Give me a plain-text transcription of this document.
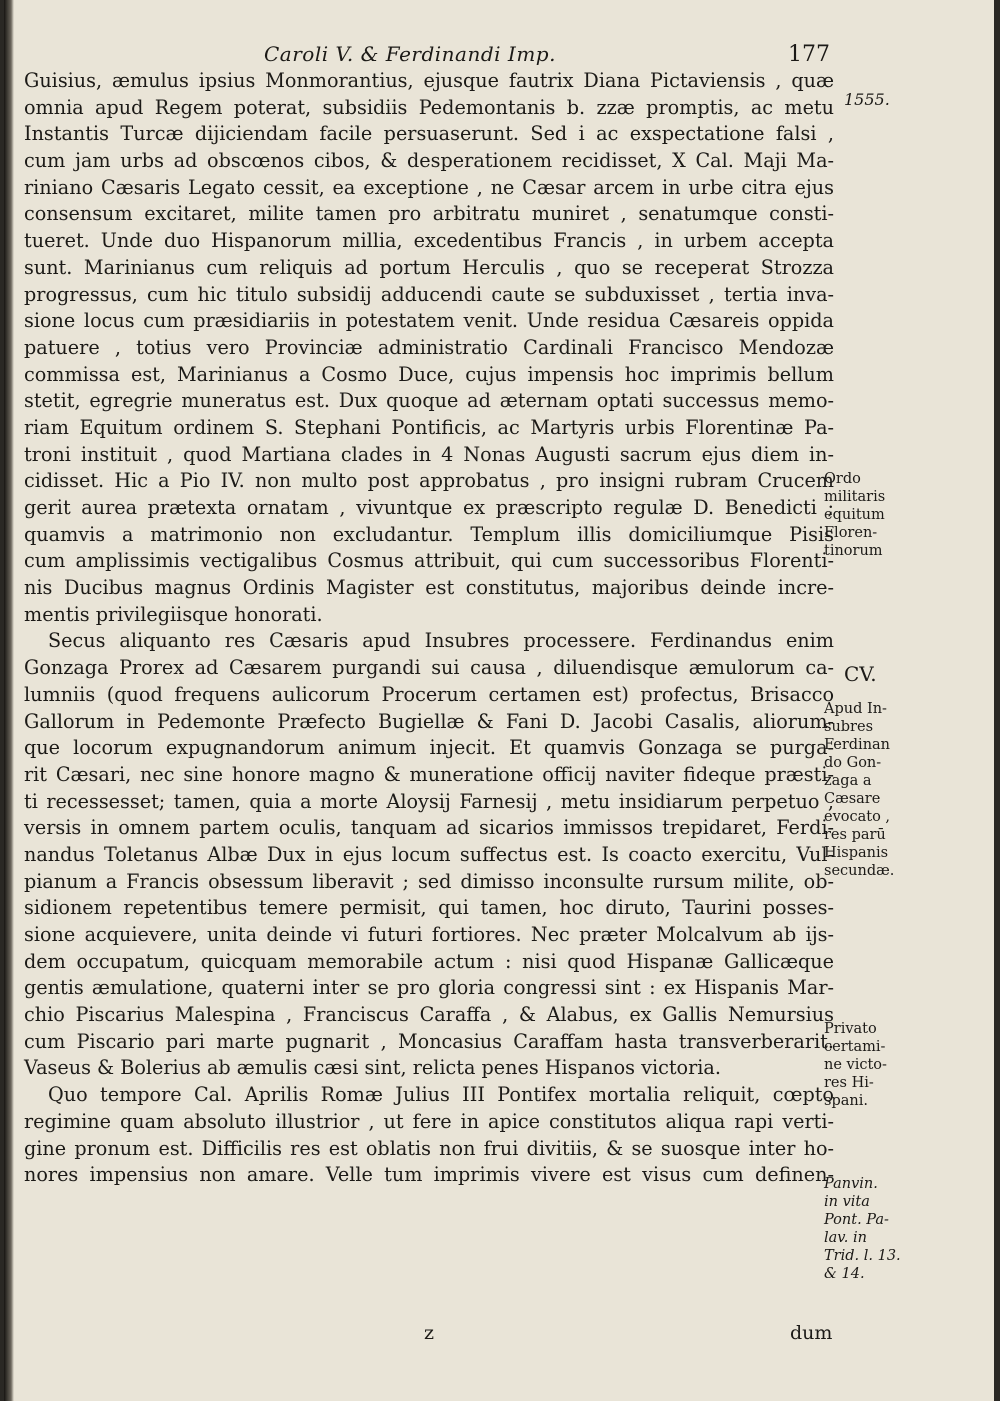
Caroli V. & Ferdinandi Imp.	177
1555.
Guisius, æmulus ipsius Monmorantius, ejusque fautrix Diana Pictaviensis , quæ
omnia apud Regem poterat, subsidiis Pedemontanis b. zzæ promptis, ac metu
Instantis Turcæ dijiciendam facile persuaserunt. Sed i ac exspectatione falsi ,
cum jam urbs ad obscœnos cibos, & desperationem recidisset, X Cal. Maji Ma-
riniano Cæsaris Legato cessit, ea exceptione , ne Cæsar arcem in urbe citra ejus
consensum excitaret, milite tamen pro arbitratu muniret , senatumque consti-
tueret. Unde duo Hispanorum millia, excedentibus Francis , in urbem accepta
sunt. Marinianus cum reliquis ad portum Herculis , quo se receperat Strozza
progressus, cum hic titulo subsidij adducendi caute se subduxisset , tertia inva-
sione locus cum præsidiariis in potestatem venit. Unde residua Cæsareis oppida
patuere , totius vero Provinciæ administratio Cardinali Francisco Mendozæ
commissa est, Marinianus a Cosmo Duce, cujus impensis hoc imprimis bellum
stetit, egregrie muneratus est. Dux quoque ad æternam optati successus memo-
riam Equitum ordinem S. Stephani Pontificis, ac Martyris urbis Florentinæ Pa-
troni instituit , quod Martiana clades in 4 Nonas Augusti sacrum ejus diem in-
cidisset. Hic a Pio IV. non multo post approbatus , pro insigni rubram Crucem
gerit aurea prætexta ornatam , vivuntque ex præscripto regulæ D. Benedicti ;
quamvis a matrimonio non excludantur. Templum illis domiciliumque Pisis
cum amplissimis vectigalibus Cosmus attribuit, qui cum successoribus Florenti-
nis Ducibus magnus Ordinis Magister est constitutus, majoribus deinde incre-
mentis privilegiisque honorati.
Secus aliquanto res Cæsaris apud Insubres processere. Ferdinandus enim
Gonzaga Prorex ad Cæsarem purgandi sui causa , diluendisque æmulorum ca-
lumniis (quod frequens aulicorum Procerum certamen est) profectus, Brisacco
Gallorum in Pedemonte Præfecto Bugiellæ & Fani D. Jacobi Casalis, aliorum-
que locorum expugnandorum animum injecit. Et quamvis Gonzaga se purga-
rit Cæsari, nec sine honore magno & muneratione officij naviter fideque præsti-
ti recessesset; tamen, quia a morte Aloysij Farnesij , metu insidiarum perpetuo ,
versis in omnem partem oculis, tanquam ad sicarios immissos trepidaret, Ferdi-
nandus Toletanus Albæ Dux in ejus locum suffectus est. Is coacto exercitu, Vul-
pianum a Francis obsessum liberavit ; sed dimisso inconsulte rursum milite, ob-
sidionem repetentibus temere permisit, qui tamen, hoc diruto, Taurini posses-
sione acquievere, unita deinde vi futuri fortiores. Nec præter Molcalvum ab ijs-
dem occupatum, quicquam memorabile actum : nisi quod Hispanæ Gallicæque
gentis æmulatione, quaterni inter se pro gloria congressi sint : ex Hispanis Mar-
chio Piscarius Malespina , Franciscus Caraffa , & Alabus, ex Gallis Nemursius
cum Piscario pari marte pugnarit , Moncasius Caraffam hasta transverberarit.
Vaseus & Bolerius ab æmulis cæsi sint, relicta penes Hispanos victoria.
Quo tempore Cal. Aprilis Romæ Julius III Pontifex mortalia reliquit, cœpto
regimine quam absoluto illustrior , ut fere in apice constitutos aliqua rapi verti-
gine pronum est. Difficilis res est oblatis non frui divitiis, & se suosque inter ho-
nores impensius non amare. Velle tum imprimis vivere est visus cum definen-
Ordo
militaris
equitum
Floren-
tinorum
CV.
Apud In-
subres
Ferdinan
do Gon-
zaga a
Cæsare
evocato ,
res parū
Hispanis
secundæ.
Privato
certami-
ne victo-
res Hi-
spani.
Panvin.
in vita
Pont. Pa-
lav. in
Trid. l. 13.
& 14.
z	dum
